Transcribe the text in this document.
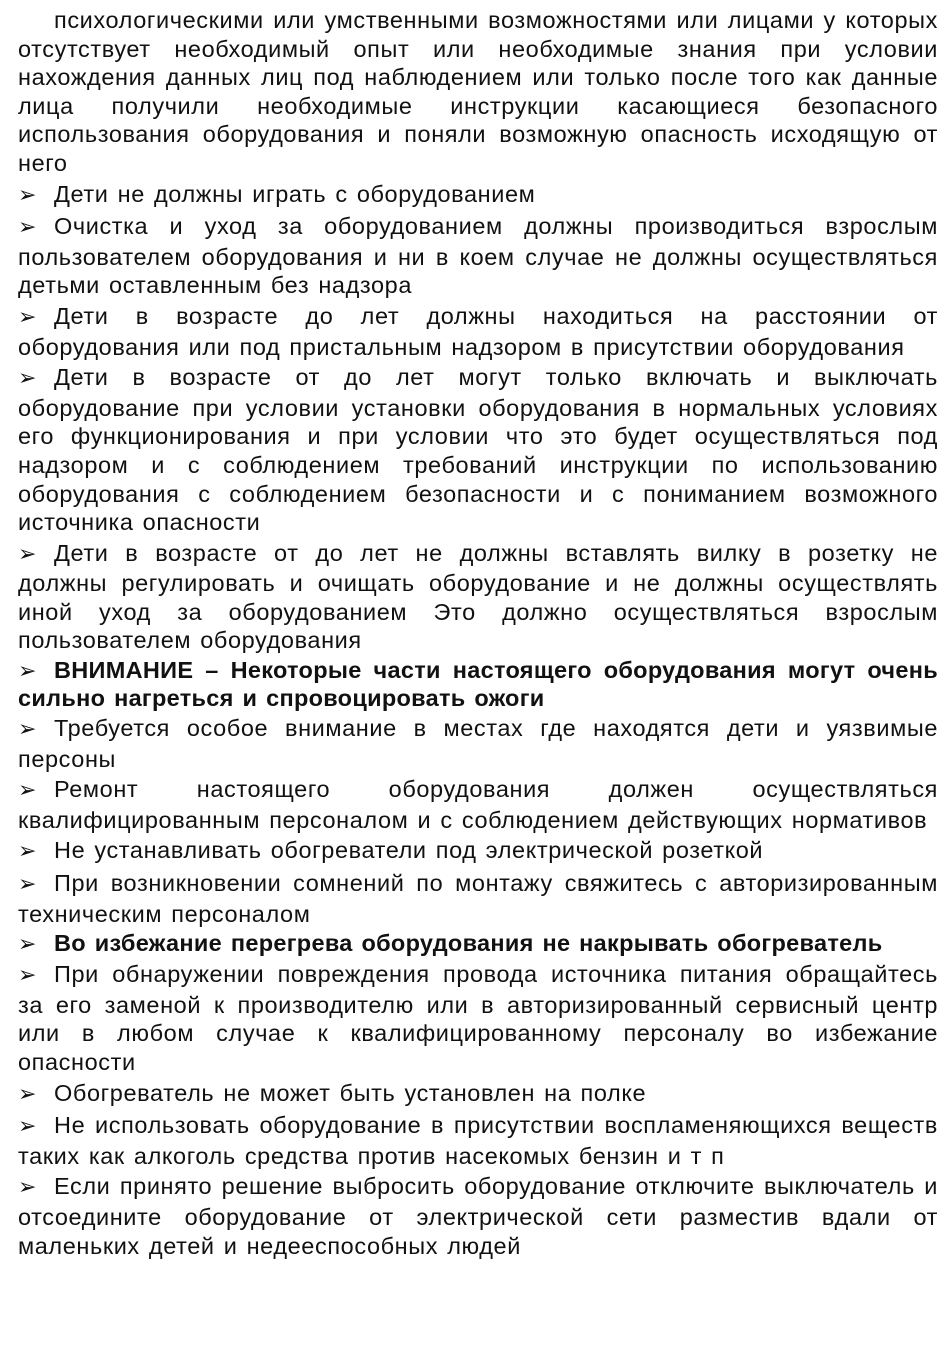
психологическими или умственными возможностями или лицами у которых отсутствует необходимый опыт или необходимые знания при условии нахождения данных лиц под наблюдением или только после того как данные лица получили необходимые инструкции касающиеся безопасного использования оборудования и поняли возможную опасность исходящую от него

➢ Дети не должны играть с оборудованием

➢ Очистка и уход за оборудованием должны производиться взрослым пользователем оборудования и ни в коем случае не должны осуществляться детьми оставленным без надзора

➢ Дети в возрасте до лет должны находиться на расстоянии от оборудования или под пристальным надзором в присутствии оборудования

➢ Дети в возрасте от до лет могут только включать и выключать оборудование при условии установки оборудования в нормальных условиях его функционирования и при условии что это будет осуществляться под надзором и с соблюдением требований инструкции по использованию оборудования с соблюдением безопасности и с пониманием возможного источника опасности

➢ Дети в возрасте от до лет не должны вставлять вилку в розетку не должны регулировать и очищать оборудование и не должны осуществлять иной уход за оборудованием Это должно осуществляться взрослым пользователем оборудования

➢ ВНИМАНИЕ – Некоторые части настоящего оборудования могут очень сильно нагреться и спровоцировать ожоги

➢ Требуется особое внимание в местах где находятся дети и уязвимые персоны

➢ Ремонт настоящего оборудования должен осуществляться квалифицированным персоналом и с соблюдением действующих нормативов

➢ Не устанавливать обогреватели под электрической розеткой

➢ При возникновении сомнений по монтажу свяжитесь с авторизированным техническим персоналом

➢ Во избежание перегрева оборудования не накрывать обогреватель

➢ При обнаружении повреждения провода источника питания обращайтесь за его заменой к производителю или в авторизированный сервисный центр или в любом случае к квалифицированному персоналу во избежание опасности

➢ Обогреватель не может быть установлен на полке

➢ Не использовать оборудование в присутствии воспламеняющихся веществ таких как алкоголь средства против насекомых бензин и т п

➢ Если принято решение выбросить оборудование отключите выключатель и отсоедините оборудование от электрической сети разместив вдали от маленьких детей и недееспособных людей
